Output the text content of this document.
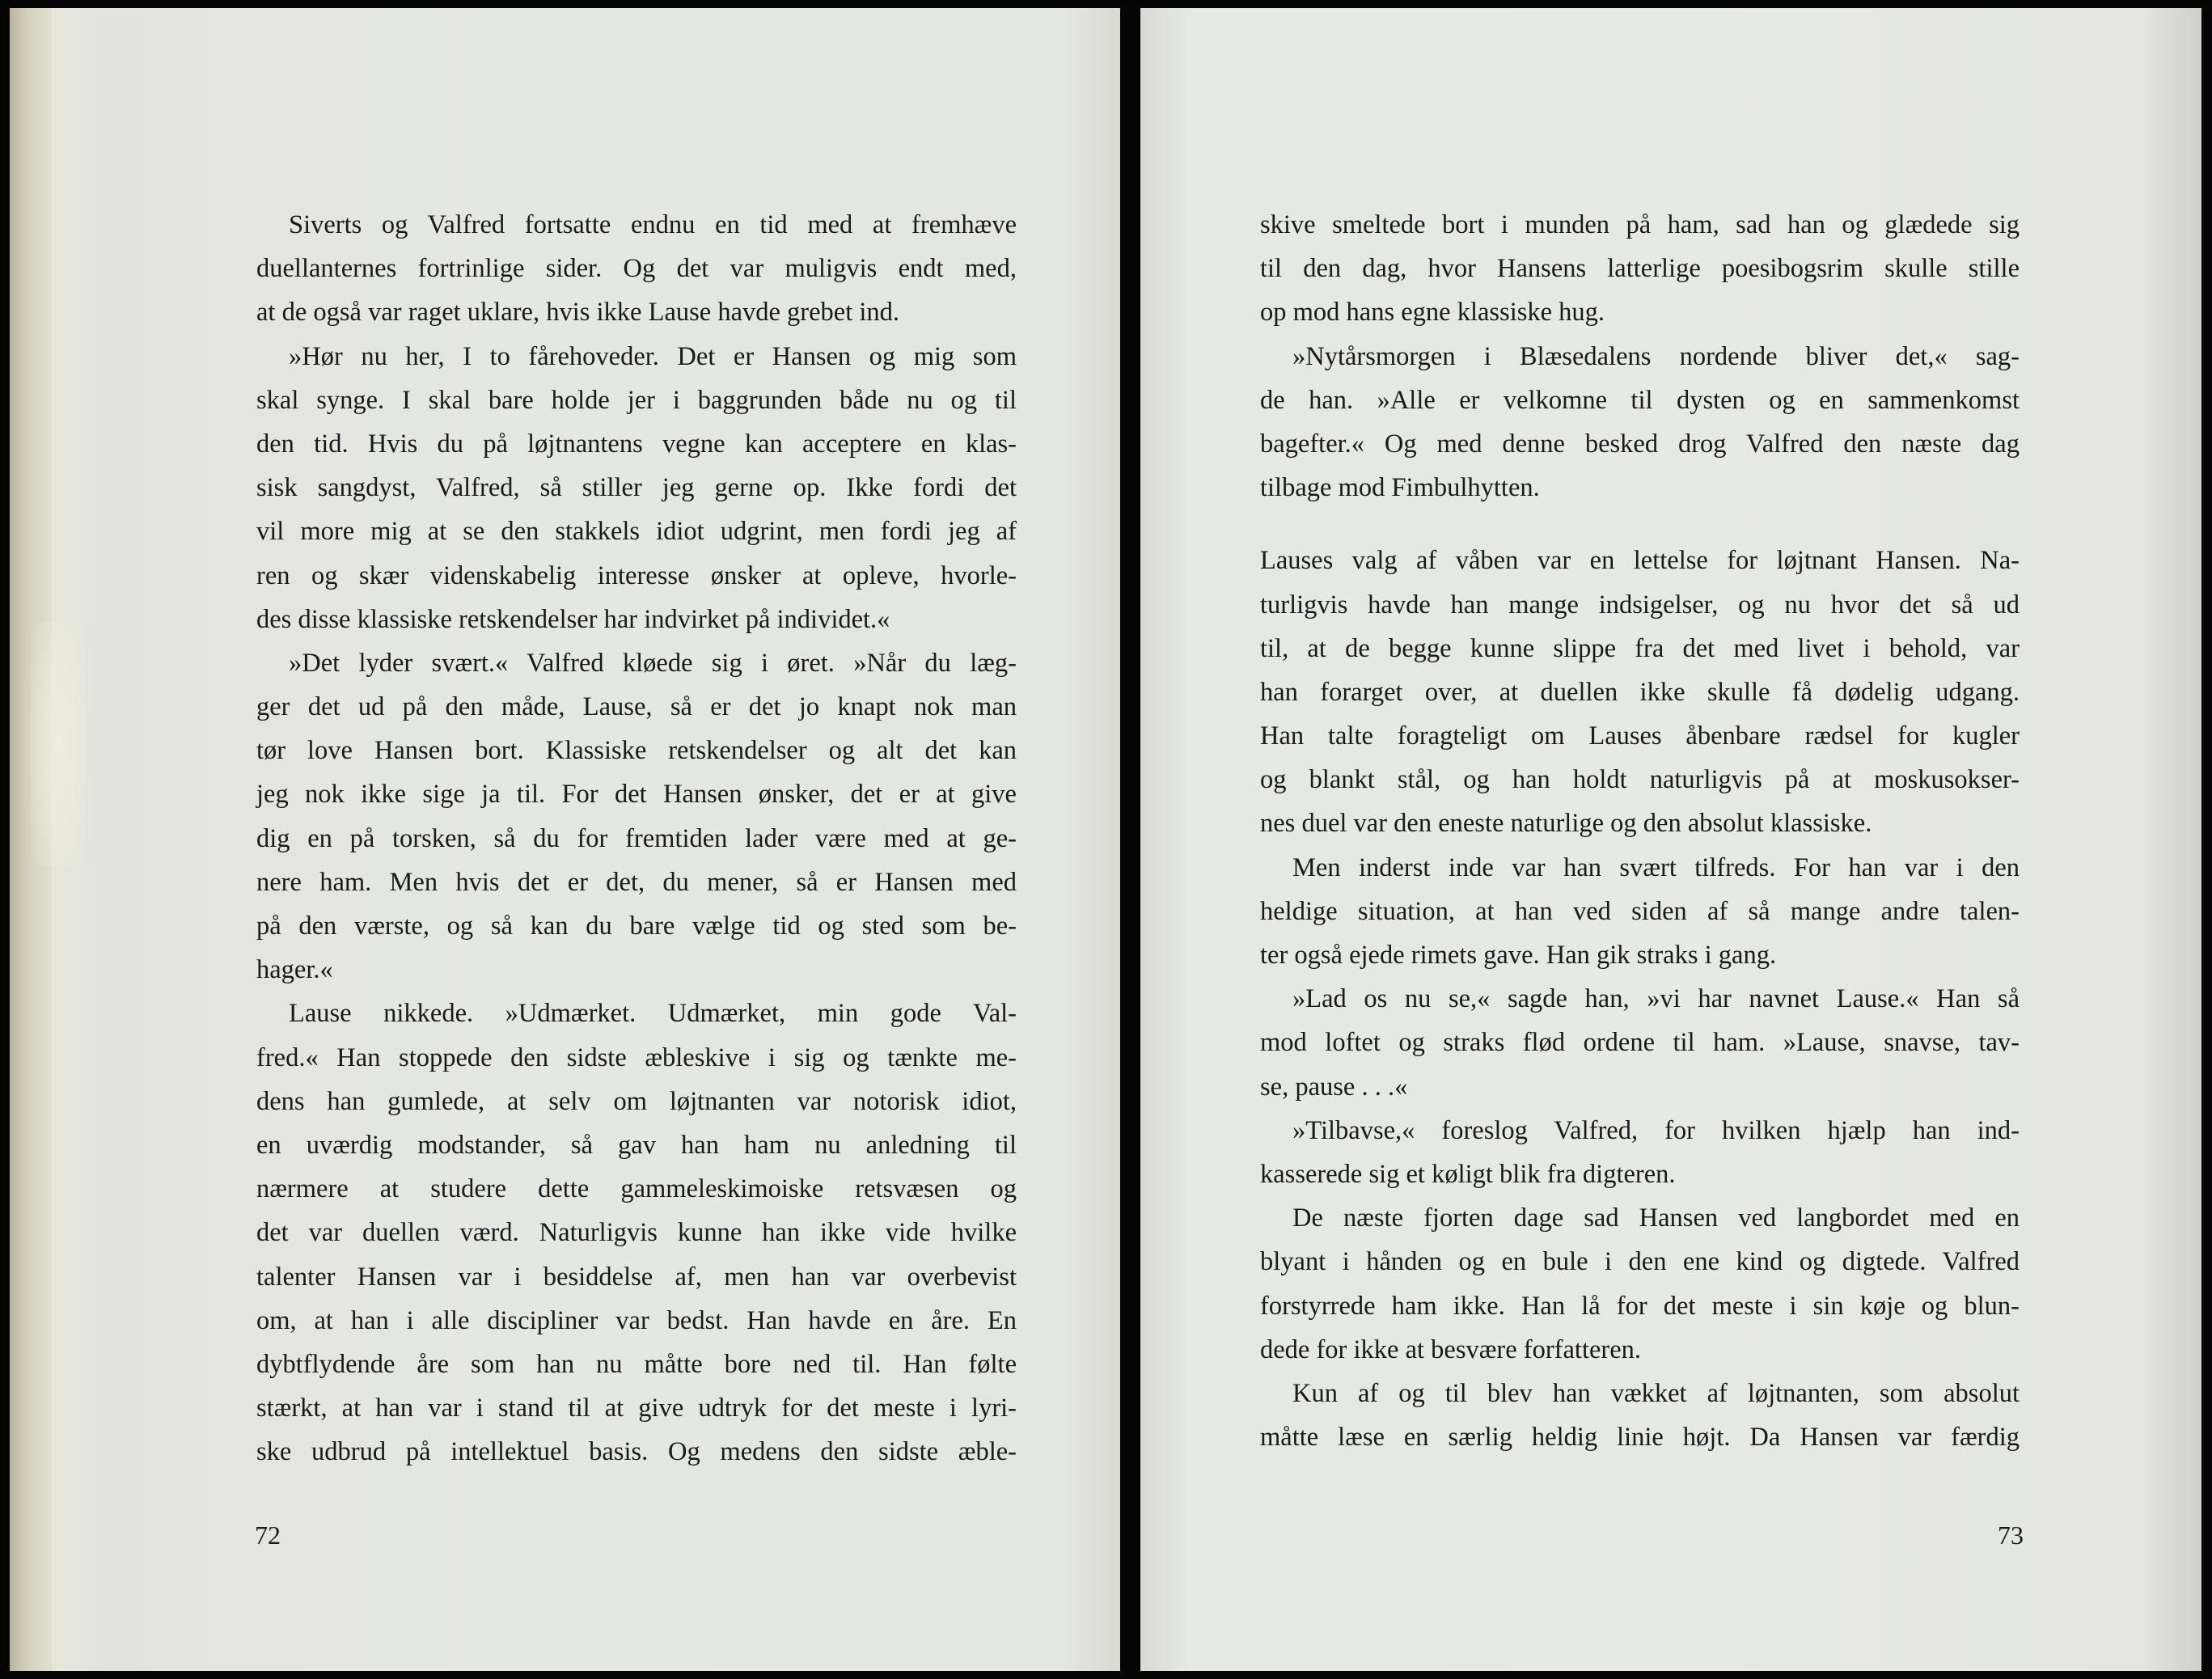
Siverts og Valfred fortsatte endnu en tid med at fremhæve
duellanternes fortrinlige sider. Og det var muligvis endt med,
at de også var raget uklare, hvis ikke Lause havde grebet ind.
»Hør nu her, I to fårehoveder. Det er Hansen og mig som
skal synge. I skal bare holde jer i baggrunden både nu og til
den tid. Hvis du på løjtnantens vegne kan acceptere en klas-
sisk sangdyst, Valfred, så stiller jeg gerne op. Ikke fordi det
vil more mig at se den stakkels idiot udgrint, men fordi jeg af
ren og skær videnskabelig interesse ønsker at opleve, hvorle-
des disse klassiske retskendelser har indvirket på individet.«
»Det lyder svært.« Valfred kløede sig i øret. »Når du læg-
ger det ud på den måde, Lause, så er det jo knapt nok man
tør love Hansen bort. Klassiske retskendelser og alt det kan
jeg nok ikke sige ja til. For det Hansen ønsker, det er at give
dig en på torsken, så du for fremtiden lader være med at ge-
nere ham. Men hvis det er det, du mener, så er Hansen med
på den værste, og så kan du bare vælge tid og sted som be-
hager.«
Lause nikkede. »Udmærket. Udmærket, min gode Val-
fred.« Han stoppede den sidste æbleskive i sig og tænkte me-
dens han gumlede, at selv om løjtnanten var notorisk idiot,
en uværdig modstander, så gav han ham nu anledning til
nærmere at studere dette gammeleskimoiske retsvæsen og
det var duellen værd. Naturligvis kunne han ikke vide hvilke
talenter Hansen var i besiddelse af, men han var overbevist
om, at han i alle discipliner var bedst. Han havde en åre. En
dybtflydende åre som han nu måtte bore ned til. Han følte
stærkt, at han var i stand til at give udtryk for det meste i lyri-
ske udbrud på intellektuel basis. Og medens den sidste æble-
72
skive smeltede bort i munden på ham, sad han og glædede sig
til den dag, hvor Hansens latterlige poesibogsrim skulle stille
op mod hans egne klassiske hug.
»Nytårsmorgen i Blæsedalens nordende bliver det,« sag-
de han. »Alle er velkomne til dysten og en sammenkomst
bagefter.« Og med denne besked drog Valfred den næste dag
tilbage mod Fimbulhytten.
Lauses valg af våben var en lettelse for løjtnant Hansen. Na-
turligvis havde han mange indsigelser, og nu hvor det så ud
til, at de begge kunne slippe fra det med livet i behold, var
han forarget over, at duellen ikke skulle få dødelig udgang.
Han talte foragteligt om Lauses åbenbare rædsel for kugler
og blankt stål, og han holdt naturligvis på at moskusokser-
nes duel var den eneste naturlige og den absolut klassiske.
Men inderst inde var han svært tilfreds. For han var i den
heldige situation, at han ved siden af så mange andre talen-
ter også ejede rimets gave. Han gik straks i gang.
»Lad os nu se,« sagde han, »vi har navnet Lause.« Han så
mod loftet og straks flød ordene til ham. »Lause, snavse, tav-
se, pause . . .«
»Tilbavse,« foreslog Valfred, for hvilken hjælp han ind-
kasserede sig et køligt blik fra digteren.
De næste fjorten dage sad Hansen ved langbordet med en
blyant i hånden og en bule i den ene kind og digtede. Valfred
forstyrrede ham ikke. Han lå for det meste i sin køje og blun-
dede for ikke at besvære forfatteren.
Kun af og til blev han vækket af løjtnanten, som absolut
måtte læse en særlig heldig linie højt. Da Hansen var færdig
73
